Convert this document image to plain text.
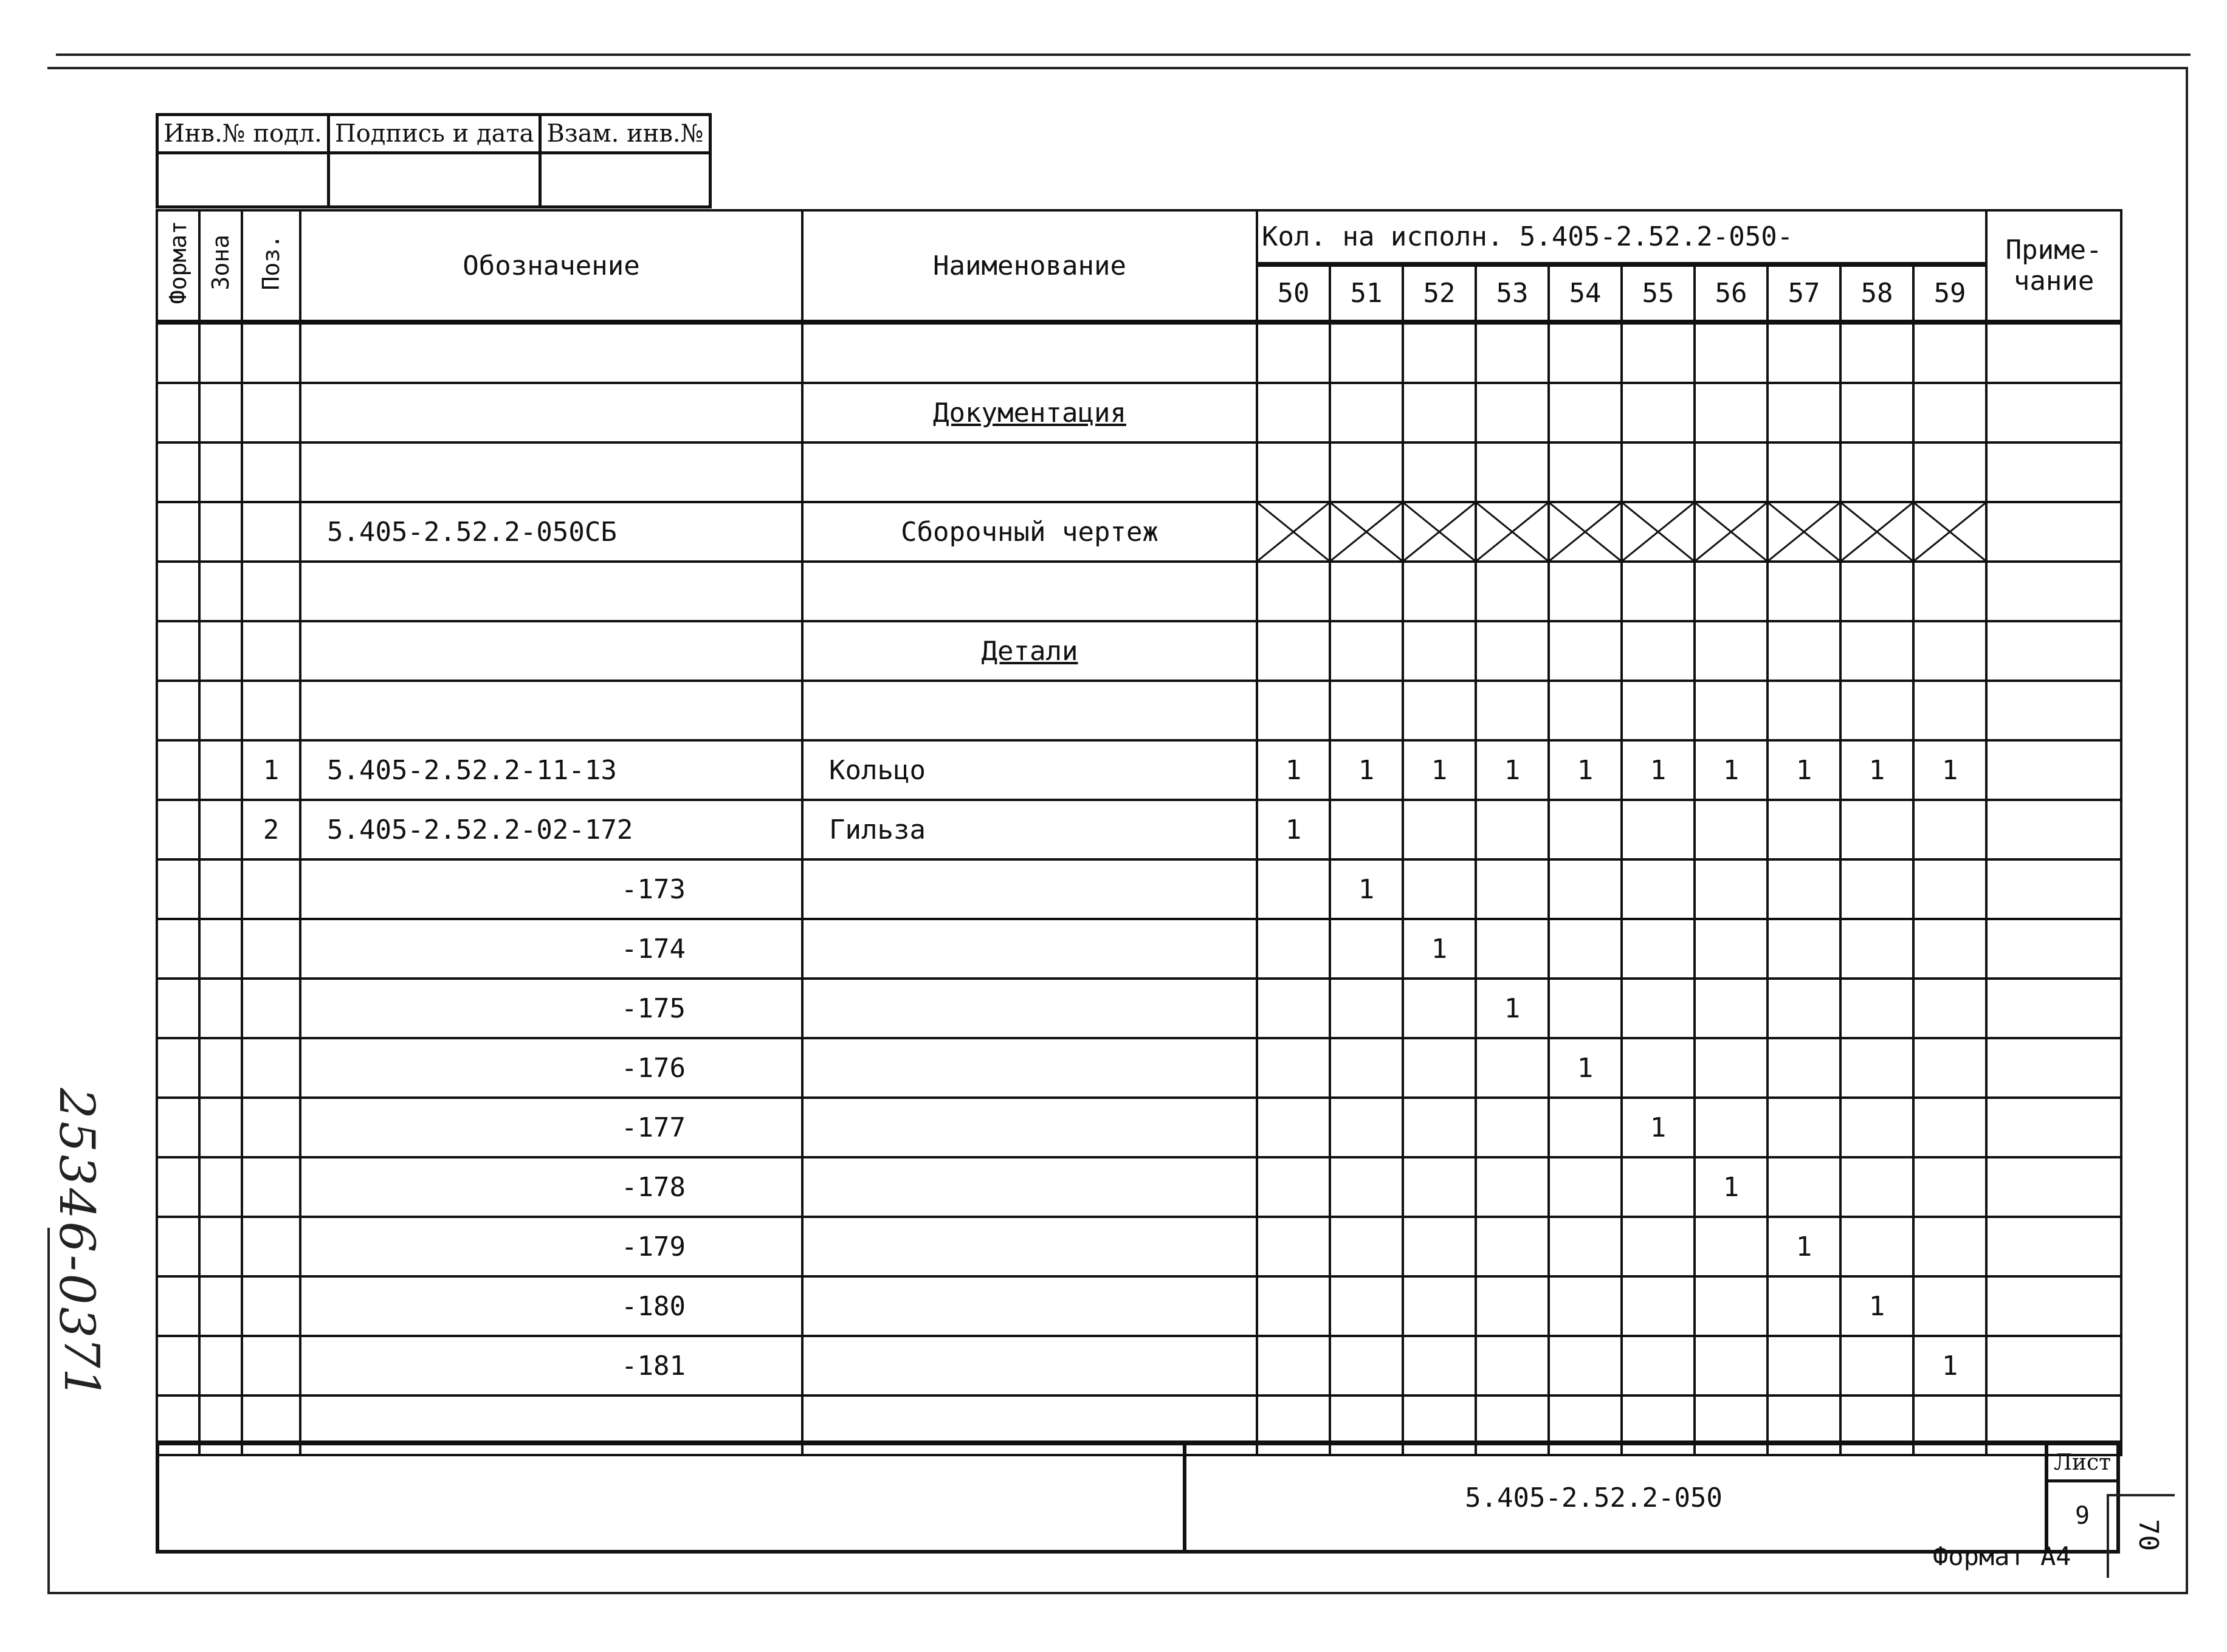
Инв.№ подл.	Подпись и дата	Взам. инв.№

Формат	Зона	Поз.	Обозначение	Наименование	Кол. на исполн. 5.405-2.52.2-050-										Приме- чание
					50	51	52	53	54	55	56	57	58	59	

				Документация											

			5.405-2.52.2-050СБ	Сборочный чертеж	

				Детали											

		1	5.405-2.52.2-11-13	Кольцо	1	1	1	1	1	1	1	1	1	1	
		2	5.405-2.52.2-02-172	Гильза	1										
			-173			1									
			-174				1								
			-175					1							
			-176						1						
			-177							1					
			-178								1				
			-179									1			
			-180										1		
			-181											1	

5.405-2.52.2-050
Лист
9
Формат А4
70
25346-03
71
